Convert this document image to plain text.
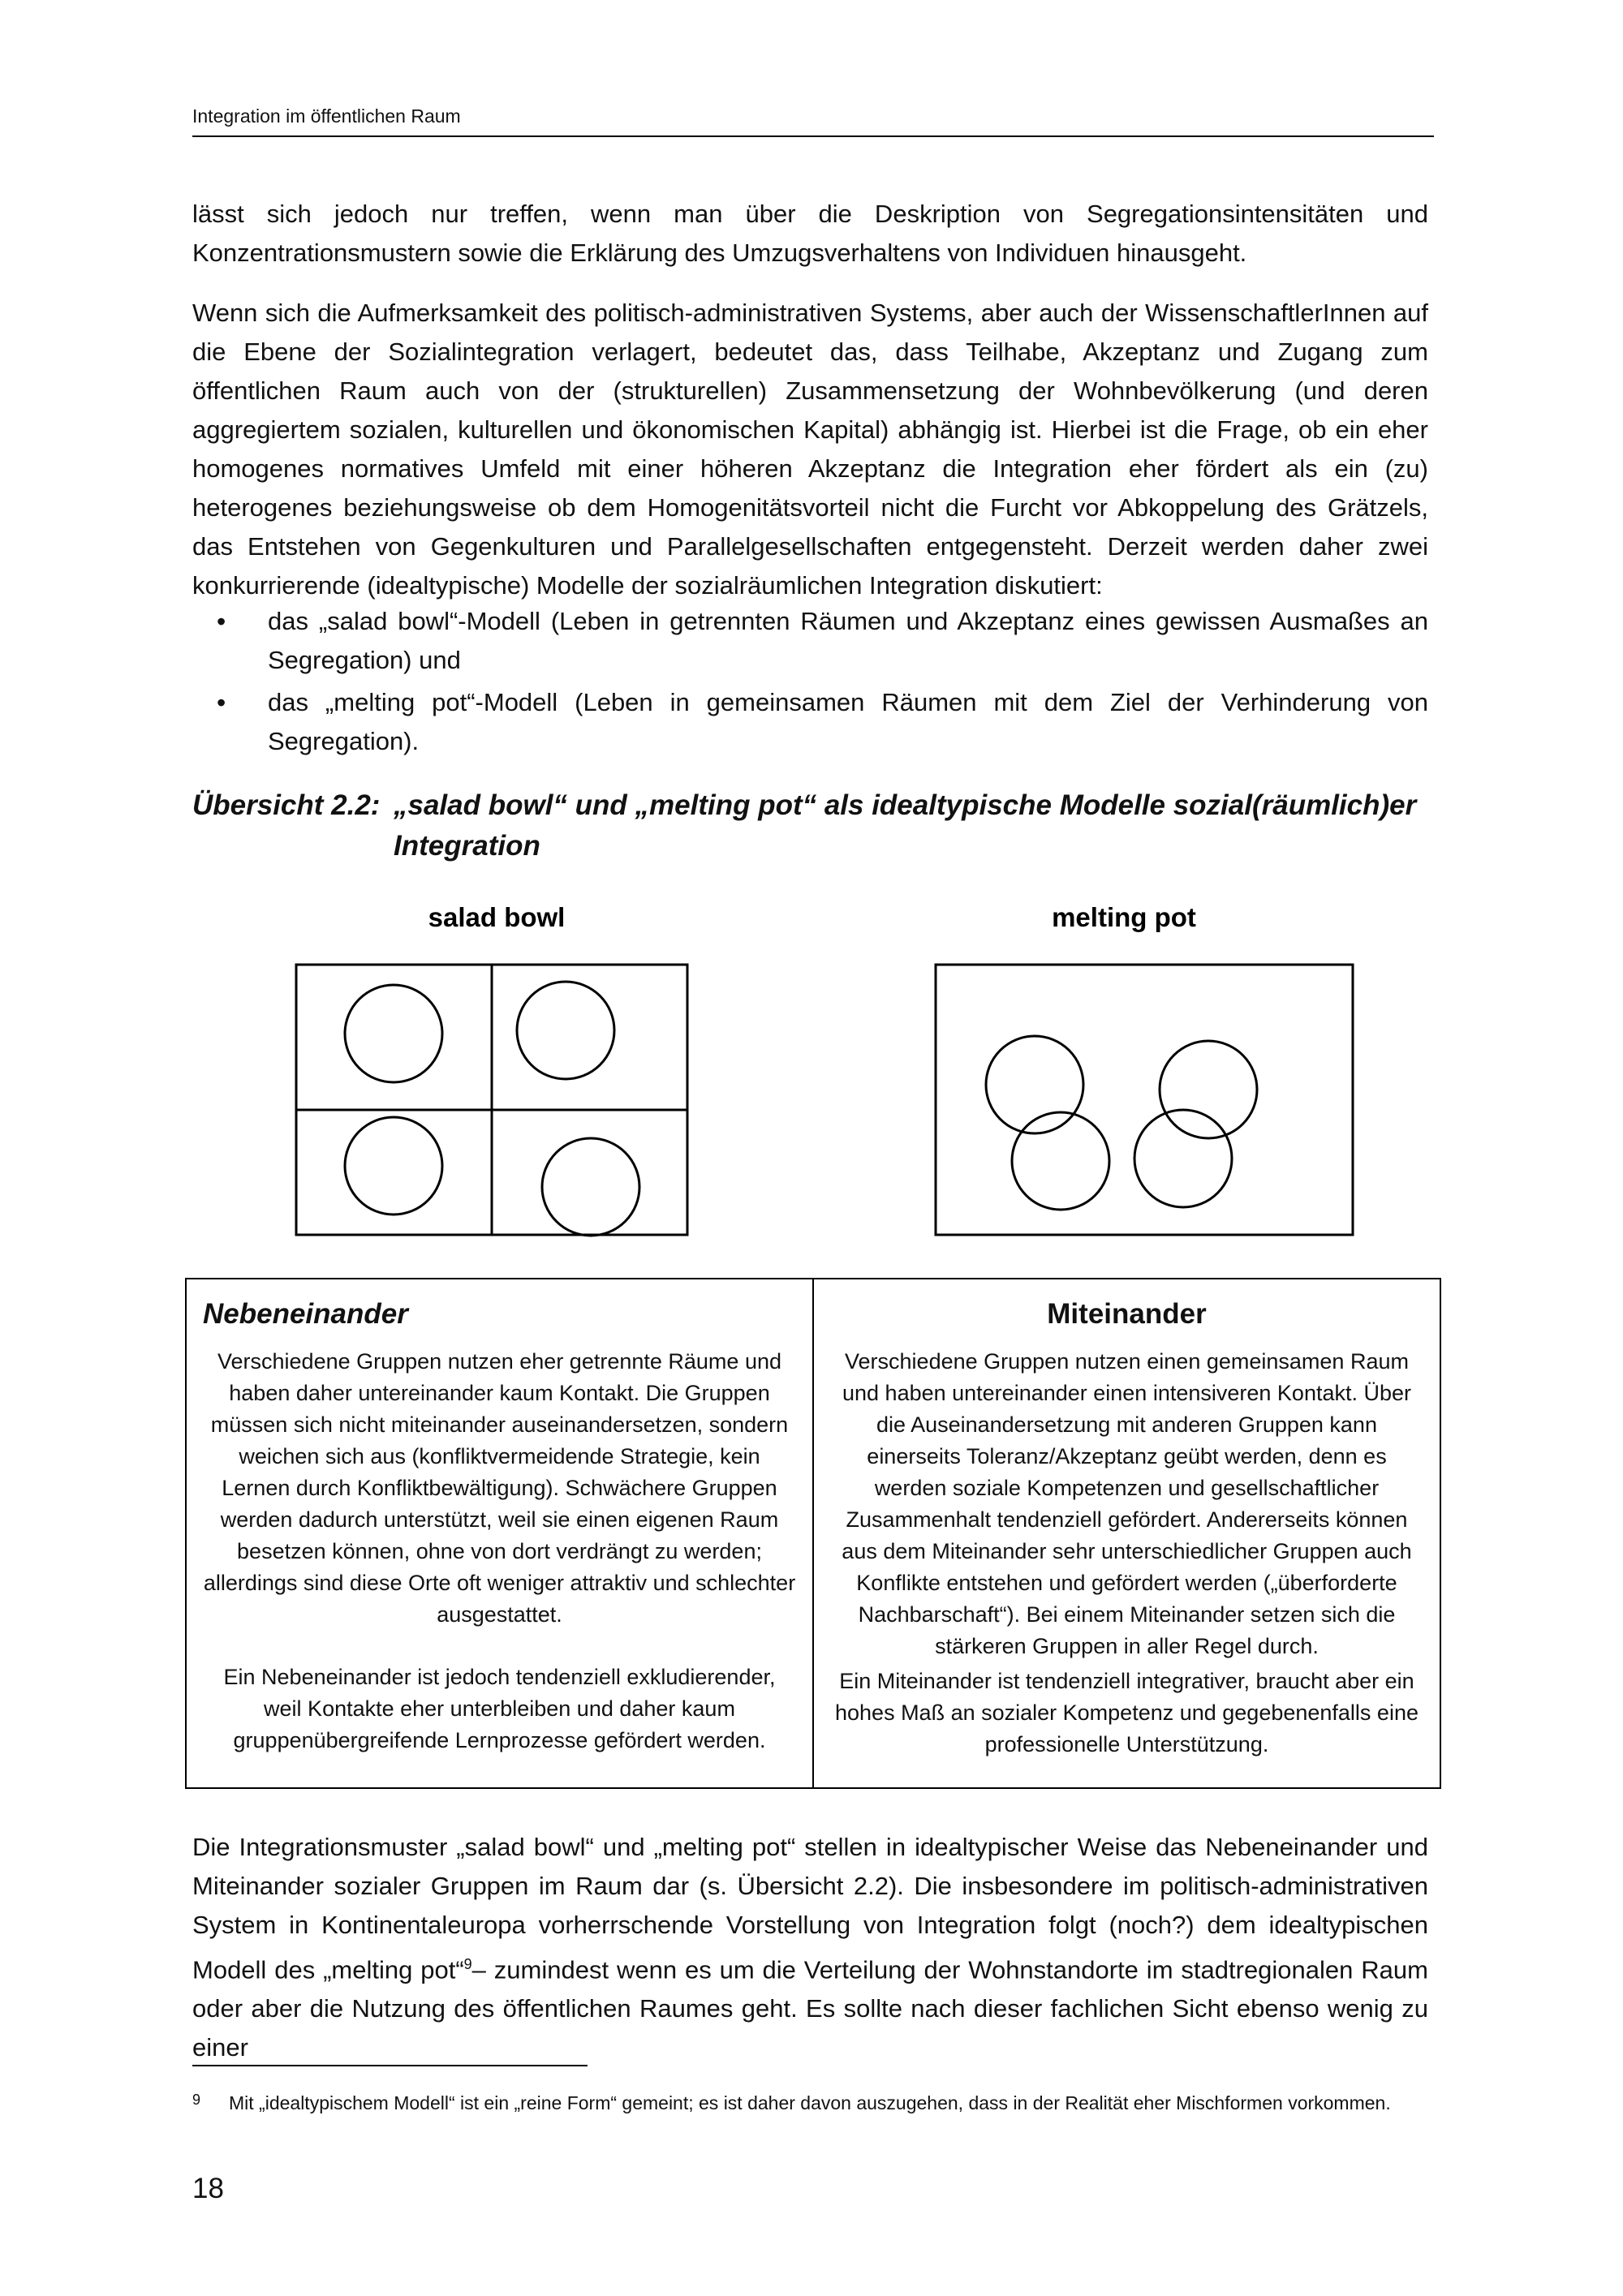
Integration im öffentlichen Raum

lässt sich jedoch nur treffen, wenn man über die Deskription von Segregationsintensitäten und Konzentrationsmustern sowie die Erklärung des Umzugsverhaltens von Individuen hinausgeht.

Wenn sich die Aufmerksamkeit des politisch-administrativen Systems, aber auch der WissenschaftlerInnen auf die Ebene der Sozialintegration verlagert, bedeutet das, dass Teilhabe, Akzeptanz und Zugang zum öffentlichen Raum auch von der (strukturellen) Zusammensetzung der Wohnbevölkerung (und deren aggregiertem sozialen, kulturellen und ökonomischen Kapital) abhängig ist. Hierbei ist die Frage, ob ein eher homogenes normatives Umfeld mit einer höheren Akzeptanz die Integration eher fördert als ein (zu) heterogenes beziehungsweise ob dem Homogenitätsvorteil nicht die Furcht vor Abkoppelung des Grätzels, das Entstehen von Gegenkulturen und Parallelgesellschaften entgegensteht. Derzeit werden daher zwei konkurrierende (idealtypische) Modelle der sozialräumlichen Integration diskutiert:

• das „salad bowl“-Modell (Leben in getrennten Räumen und Akzeptanz eines gewissen Ausmaßes an Segregation) und
• das „melting pot“-Modell (Leben in gemeinsamen Räumen mit dem Ziel der Verhinderung von Segregation).
Übersicht 2.2: „salad bowl“ und „melting pot“ als idealtypische Modelle sozial(räumlich)er Integration
salad bowl	melting pot
Nebeneinander

Verschiedene Gruppen nutzen eher getrennte Räume und haben daher untereinander kaum Kontakt. Die Gruppen müssen sich nicht miteinander auseinandersetzen, sondern weichen sich aus (konfliktvermeidende Strategie, kein Lernen durch Konfliktbewältigung). Schwächere Gruppen werden dadurch unterstützt, weil sie einen eigenen Raum besetzen können, ohne von dort verdrängt zu werden; allerdings sind diese Orte oft weniger attraktiv und schlechter ausgestattet.

Ein Nebeneinander ist jedoch tendenziell exkludierender, weil Kontakte eher unterbleiben und daher kaum gruppenübergreifende Lernprozesse gefördert werden.

Miteinander

Verschiedene Gruppen nutzen einen gemeinsamen Raum und haben untereinander einen intensiveren Kontakt. Über die Auseinandersetzung mit anderen Gruppen kann einerseits Toleranz/Akzeptanz geübt werden, denn es werden soziale Kompetenzen und gesellschaftlicher Zusammenhalt tendenziell gefördert. Andererseits können aus dem Miteinander sehr unterschiedlicher Gruppen auch Konflikte entstehen und gefördert werden („überforderte Nachbarschaft“). Bei einem Miteinander setzen sich die stärkeren Gruppen in aller Regel durch.

Ein Miteinander ist tendenziell integrativer, braucht aber ein hohes Maß an sozialer Kompetenz und gegebenenfalls eine professionelle Unterstützung.

Die Integrationsmuster „salad bowl“ und „melting pot“ stellen in idealtypischer Weise das Nebeneinander und Miteinander sozialer Gruppen im Raum dar (s. Übersicht 2.2). Die insbesondere im politisch-administrativen System in Kontinentaleuropa vorherrschende Vorstellung von Integration folgt (noch?) dem idealtypischen Modell des „melting pot“$^9$– zumindest wenn es um die Verteilung der Wohnstandorte im stadtregionalen Raum oder aber die Nutzung des öffentlichen Raumes geht. Es sollte nach dieser fachlichen Sicht ebenso wenig zu einer

9	Mit „idealtypischem Modell“ ist ein „reine Form“ gemeint; es ist daher davon auszugehen, dass in der Realität eher Mischformen vorkommen.
18
